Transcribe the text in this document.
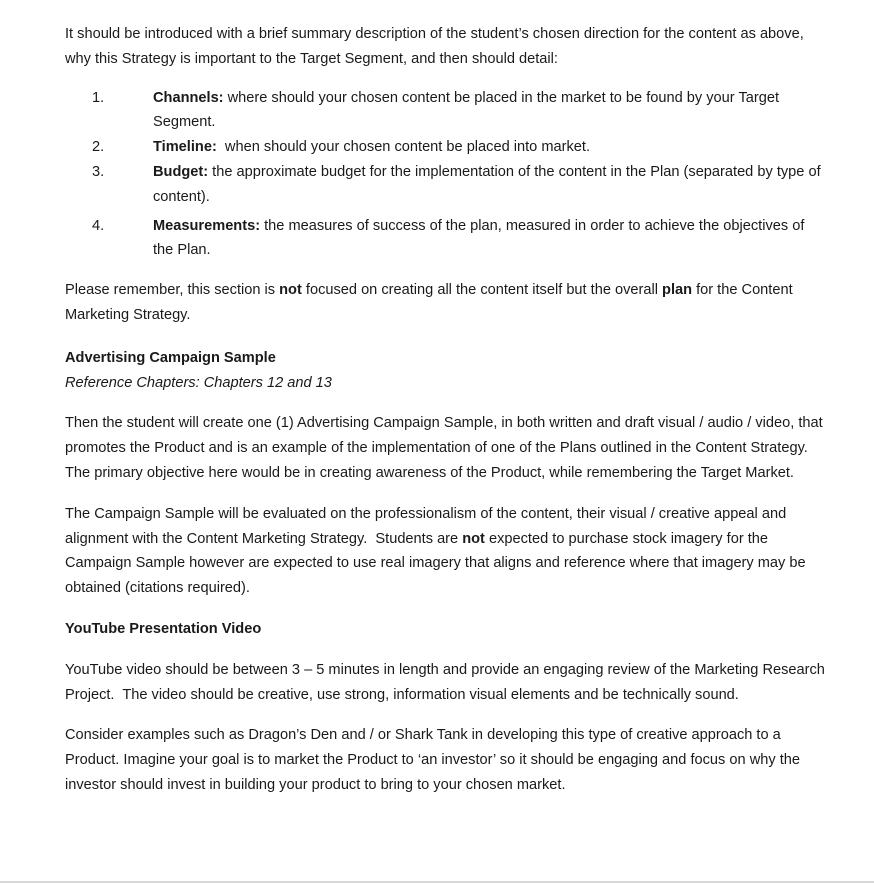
It should be introduced with a brief summary description of the student’s chosen direction for the content as above, why this Strategy is important to the Target Segment, and then should detail:

1.	Channels: where should your chosen content be placed in the market to be found by your Target Segment.
2.	Timeline:  when should your chosen content be placed into market.
3.	Budget: the approximate budget for the implementation of the content in the Plan (separated by type of content).
4.	Measurements: the measures of success of the plan, measured in order to achieve the objectives of the Plan.

Please remember, this section is not focused on creating all the content itself but the overall plan for the Content Marketing Strategy.

Advertising Campaign Sample

Reference Chapters: Chapters 12 and 13

Then the student will create one (1) Advertising Campaign Sample, in both written and draft visual / audio / video, that promotes the Product and is an example of the implementation of one of the Plans outlined in the Content Strategy. The primary objective here would be in creating awareness of the Product, while remembering the Target Market.

The Campaign Sample will be evaluated on the professionalism of the content, their visual / creative appeal and alignment with the Content Marketing Strategy.  Students are not expected to purchase stock imagery for the Campaign Sample however are expected to use real imagery that aligns and reference where that imagery may be obtained (citations required).

YouTube Presentation Video

YouTube video should be between 3 – 5 minutes in length and provide an engaging review of the Marketing Research Project.  The video should be creative, use strong, information visual elements and be technically sound.

Consider examples such as Dragon’s Den and / or Shark Tank in developing this type of creative approach to a Product. Imagine your goal is to market the Product to ‘an investor’ so it should be engaging and focus on why the investor should invest in building your product to bring to your chosen market.
